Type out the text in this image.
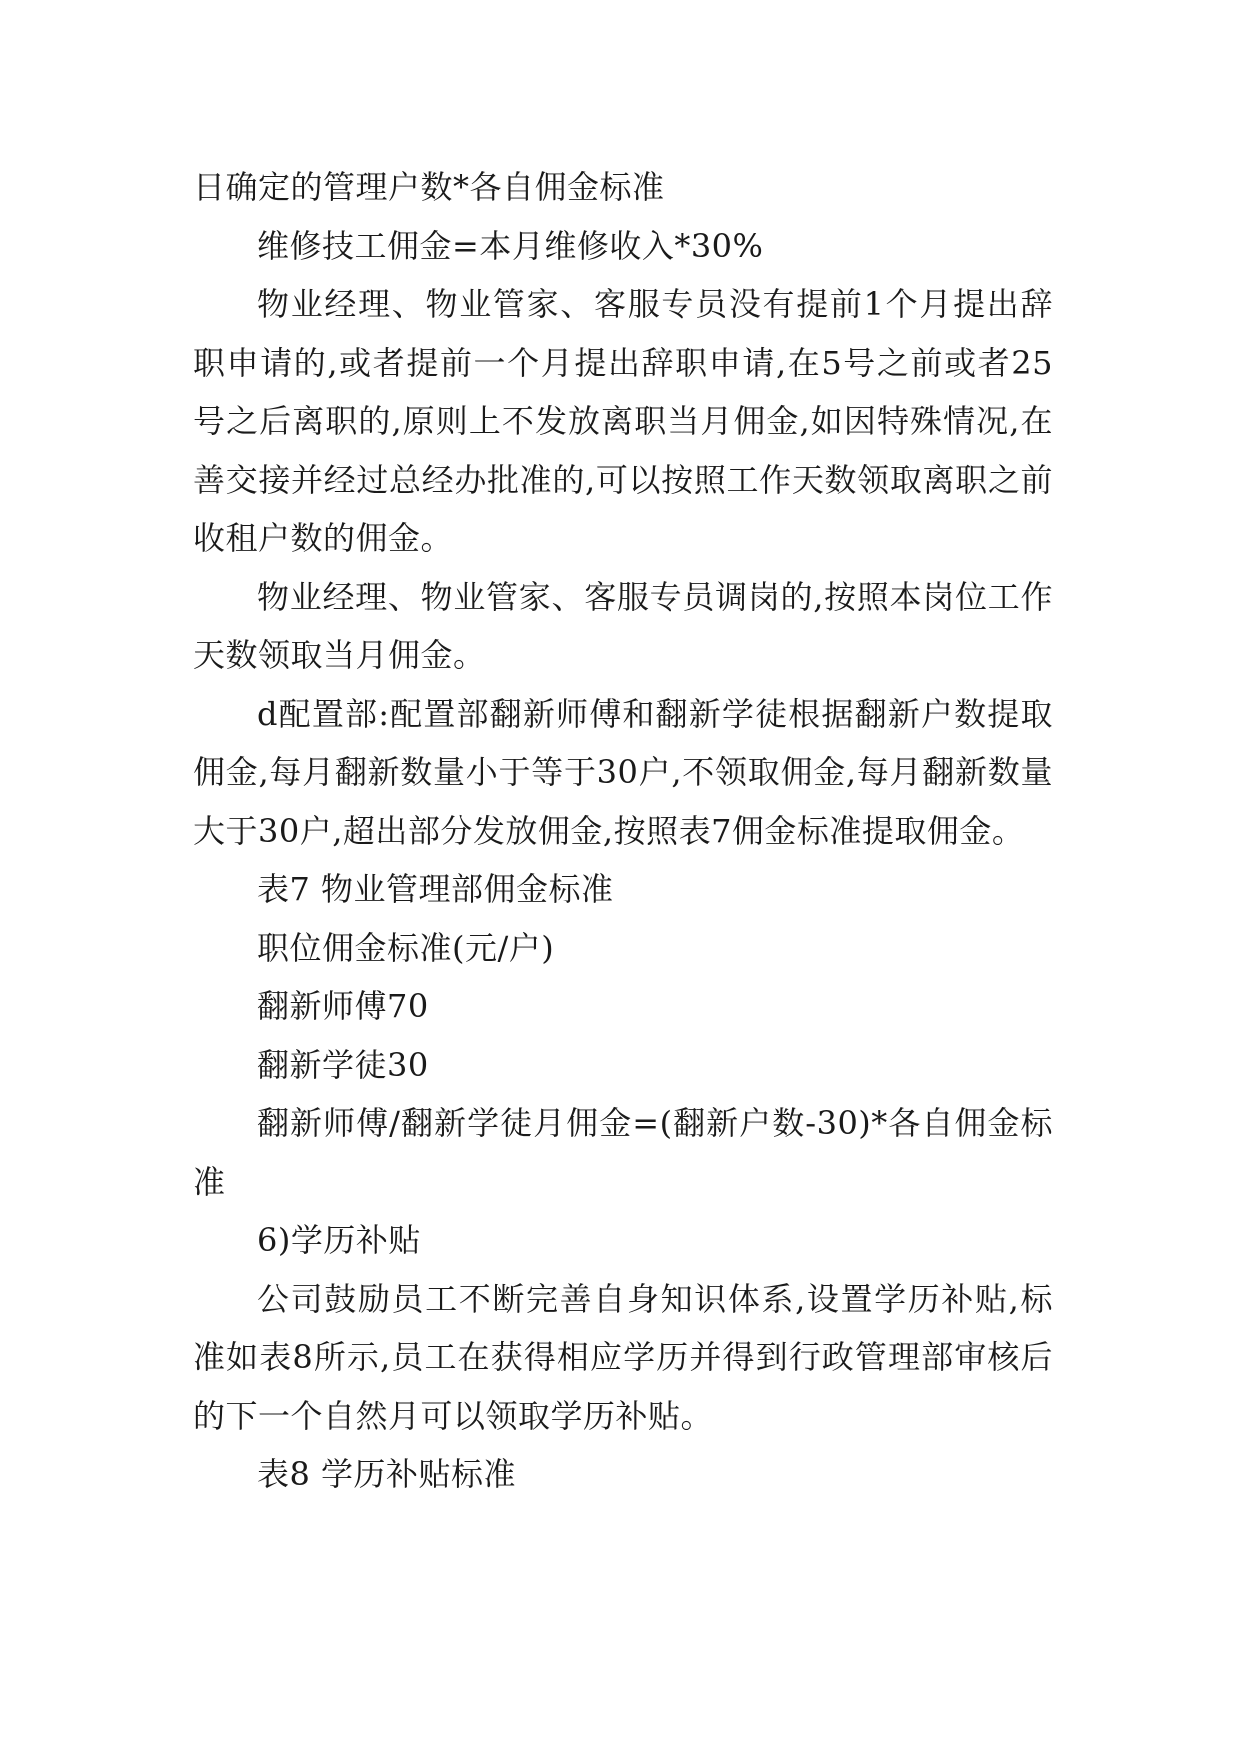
日确定的管理户数*各自佣金标准

维修技工佣金=本月维修收入*30%

物业经理、物业管家、客服专员没有提前1个月提出辞职申请的,或者提前一个月提出辞职申请,在5号之前或者25号之后离职的,原则上不发放离职当月佣金,如因特殊情况,在善交接并经过总经办批准的,可以按照工作天数领取离职之前收租户数的佣金。

物业经理、物业管家、客服专员调岗的,按照本岗位工作天数领取当月佣金。

d配置部:配置部翻新师傅和翻新学徒根据翻新户数提取佣金,每月翻新数量小于等于30户,不领取佣金,每月翻新数量大于30户,超出部分发放佣金,按照表7佣金标准提取佣金。

表7 物业管理部佣金标准

职位佣金标准(元/户)

翻新师傅70

翻新学徒30

翻新师傅/翻新学徒月佣金=(翻新户数-30)*各自佣金标准

6)学历补贴

公司鼓励员工不断完善自身知识体系,设置学历补贴,标准如表8所示,员工在获得相应学历并得到行政管理部审核后的下一个自然月可以领取学历补贴。

表8 学历补贴标准
